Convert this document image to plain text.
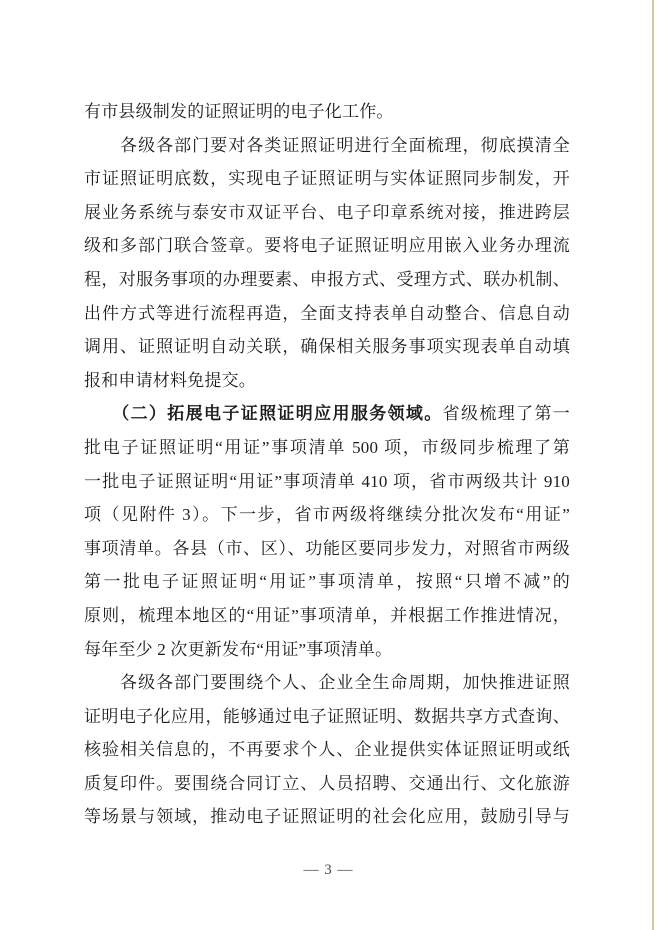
有市县级制发的证照证明的电子化工作。
　　各级各部门要对各类证照证明进行全面梳理，彻底摸清全
市证照证明底数，实现电子证照证明与实体证照同步制发，开
展业务系统与泰安市双证平台、电子印章系统对接，推进跨层
级和多部门联合签章。要将电子证照证明应用嵌入业务办理流
程，对服务事项的办理要素、申报方式、受理方式、联办机制、
出件方式等进行流程再造，全面支持表单自动整合、信息自动
调用、证照证明自动关联，确保相关服务事项实现表单自动填
报和申请材料免提交。
　　（二）拓展电子证照证明应用服务领域。省级梳理了第一
批电子证照证明“用证”事项清单 500 项，市级同步梳理了第
一批电子证照证明“用证”事项清单 410 项，省市两级共计 910
项（见附件 3）。下一步，省市两级将继续分批次发布“用证”
事项清单。各县（市、区）、功能区要同步发力，对照省市两级
第一批电子证照证明“用证”事项清单，按照“只增不减”的
原则，梳理本地区的“用证”事项清单，并根据工作推进情况，
每年至少 2 次更新发布“用证”事项清单。
　　各级各部门要围绕个人、企业全生命周期，加快推进证照
证明电子化应用，能够通过电子证照证明、数据共享方式查询、
核验相关信息的，不再要求个人、企业提供实体证照证明或纸
质复印件。要围绕合同订立、人员招聘、交通出行、文化旅游
等场景与领域，推动电子证照证明的社会化应用，鼓励引导与
— 3 —
